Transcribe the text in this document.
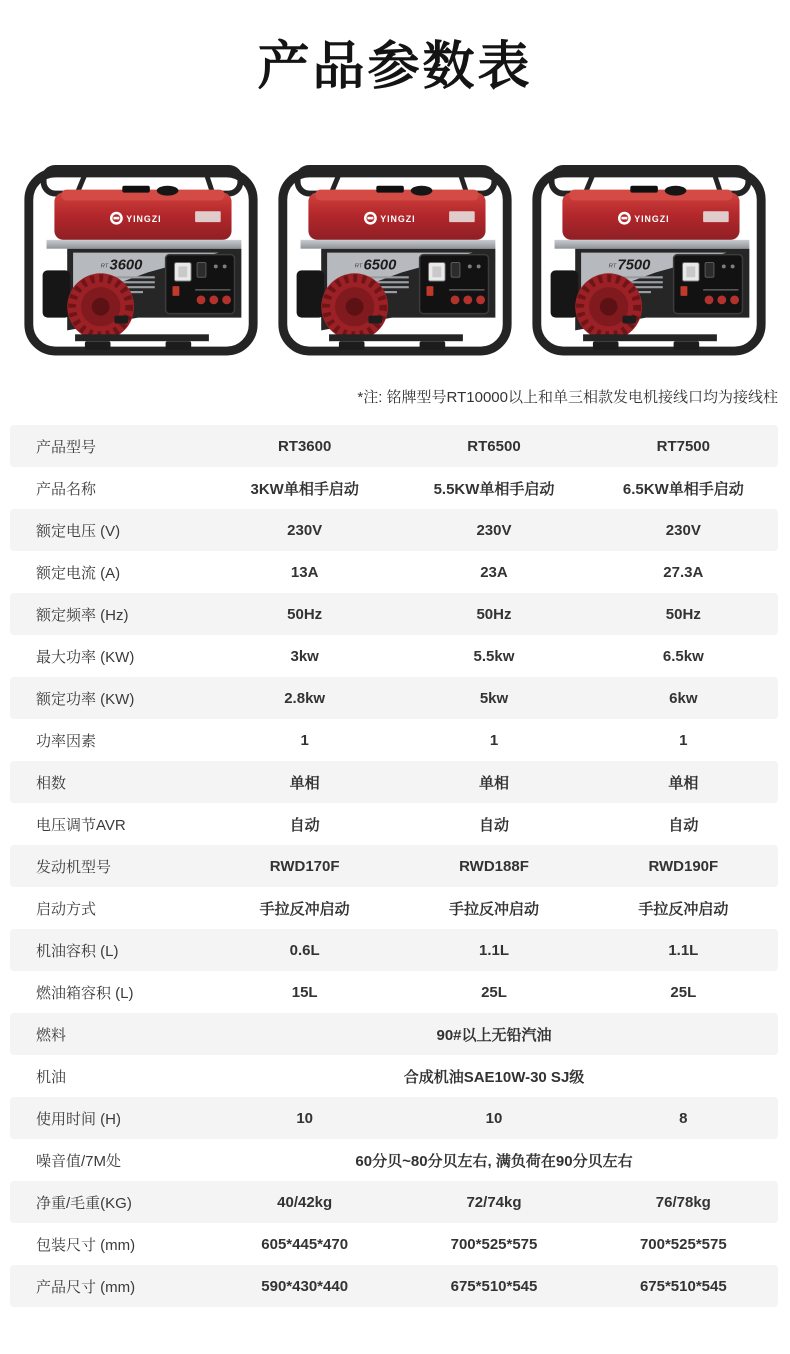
产品参数表
YINGZI
RT 3600
YINGZI
RT 6500
YINGZI
RT 7500
*注: 铭牌型号RT10000以上和单三相款发电机接线口均为接线柱
产品型号	RT3600	RT6500	RT7500
产品名称	3KW单相手启动	5.5KW单相手启动	6.5KW单相手启动
额定电压 (V)	230V	230V	230V
额定电流 (A)	13A	23A	27.3A
额定频率 (Hz)	50Hz	50Hz	50Hz
最大功率 (KW)	3kw	5.5kw	6.5kw
额定功率 (KW)	2.8kw	5kw	6kw
功率因素	1	1	1
相数	单相	单相	单相
电压调节AVR	自动	自动	自动
发动机型号	RWD170F	RWD188F	RWD190F
启动方式	手拉反冲启动	手拉反冲启动	手拉反冲启动
机油容积 (L)	0.6L	1.1L	1.1L
燃油箱容积 (L)	15L	25L	25L
燃料	90#以上无铅汽油
机油	合成机油SAE10W-30 SJ级
使用时间 (H)	10	10	8
噪音值/7M处	60分贝~80分贝左右, 满负荷在90分贝左右
净重/毛重(KG)	40/42kg	72/74kg	76/78kg
包装尺寸 (mm)	605*445*470	700*525*575	700*525*575
产品尺寸 (mm)	590*430*440	675*510*545	675*510*545
